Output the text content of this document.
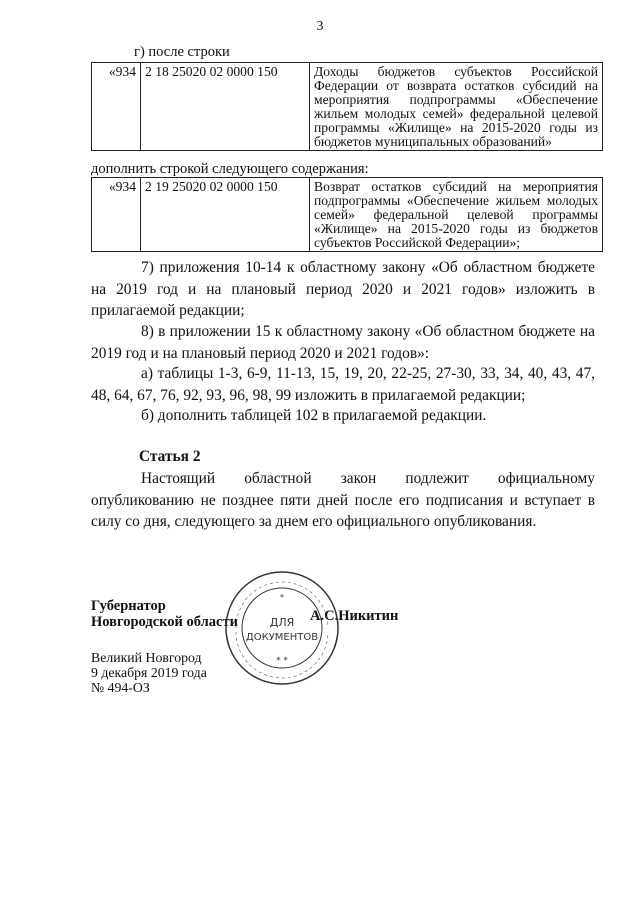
3
г) после строки
«934	2 18 25020 02 0000 150	Доходы бюджетов субъектов Российской Федерации от возврата остатков субсидий на мероприятия подпрограммы «Обеспечение жильем молодых семей» федеральной целевой программы «Жилище» на 2015-2020 годы из бюджетов муниципальных образований»
дополнить строкой следующего содержания:
«934	2 19 25020 02 0000 150	Возврат остатков субсидий на мероприятия подпрограммы «Обеспечение жильем молодых семей» федеральной целевой программы «Жилище» на 2015-2020 годы из бюджетов субъектов Российской Федерации»;
7) приложения 10-14 к областному закону «Об областном бюджете на 2019 год и на плановый период 2020 и 2021 годов» изложить в прилагаемой редакции;
8) в приложении 15 к областному закону «Об областном бюджете на 2019 год и на плановый период 2020 и 2021 годов»:
а) таблицы 1-3, 6-9, 11-13, 15, 19, 20, 22-25, 27-30, 33, 34, 40, 43, 47, 48, 64, 67, 76, 92, 93, 96, 98, 99 изложить в прилагаемой редакции;
б) дополнить таблицей 102 в прилагаемой редакции.
Статья 2
Настоящий областной закон подлежит официальному опубликованию не позднее пяти дней после его подписания и вступает в силу со дня, следующего за днем его официального опубликования.
Губернатор
Новгородской области	А.С.Никитин
ДЛЯ
ДОКУМЕНТОВ
* *
*
Великий Новгород
9 декабря 2019 года
№ 494-ОЗ
